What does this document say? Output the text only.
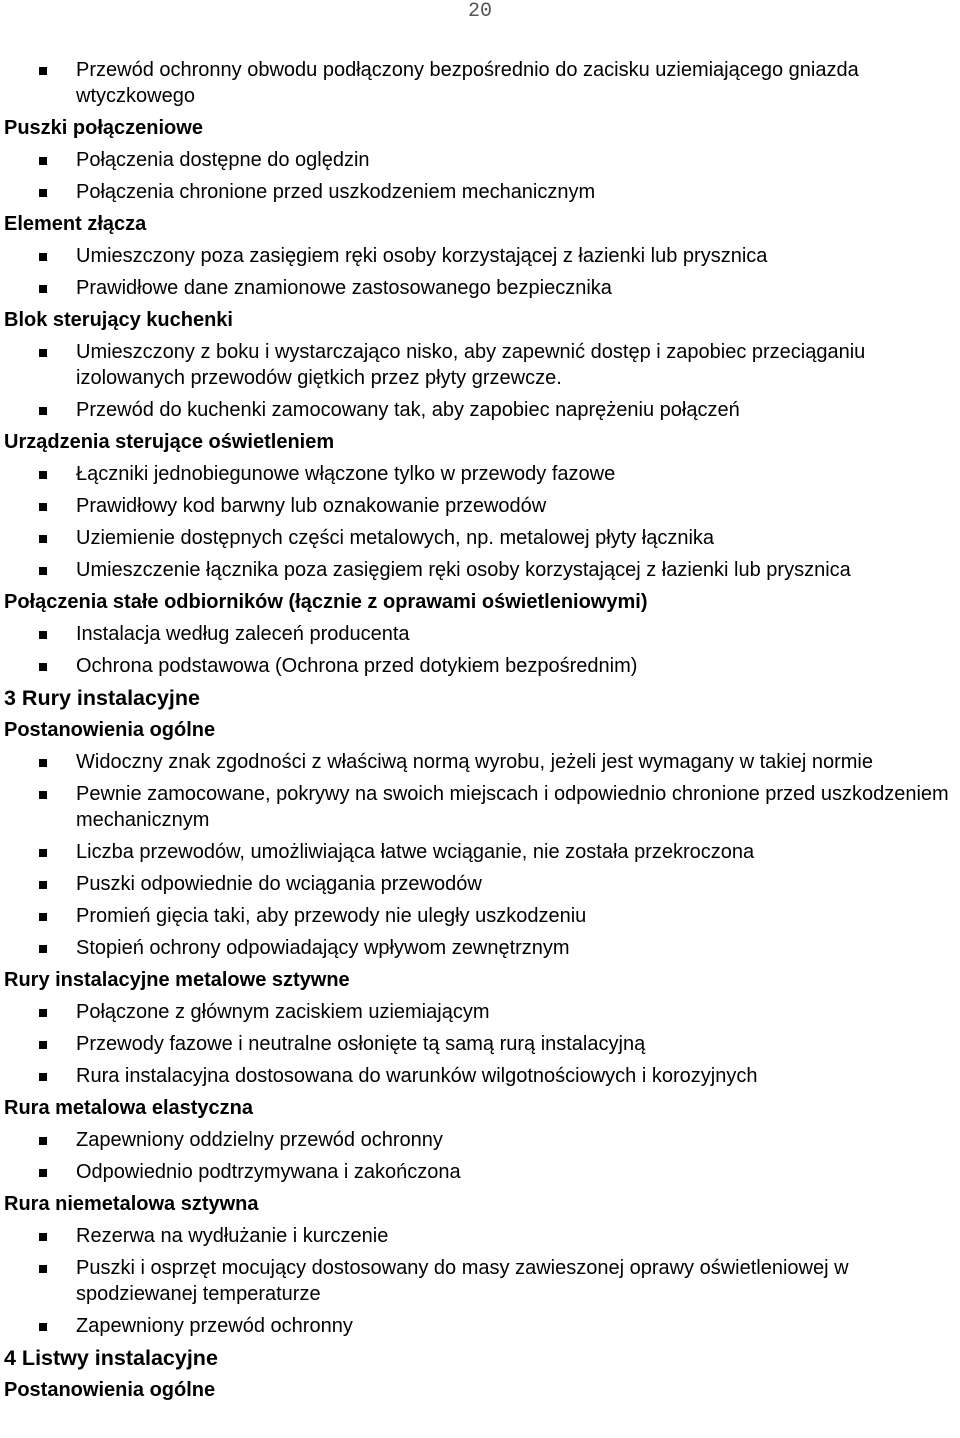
20
Przewód ochronny obwodu podłączony bezpośrednio do zacisku uziemiającego gniazda wtyczkowego
Puszki połączeniowe
Połączenia dostępne do oględzin
Połączenia chronione przed uszkodzeniem mechanicznym
Element złącza
Umieszczony poza zasięgiem ręki osoby korzystającej z łazienki lub prysznica
Prawidłowe dane znamionowe zastosowanego bezpiecznika
Blok sterujący kuchenki
Umieszczony z boku i wystarczająco nisko, aby zapewnić dostęp i zapobiec przeciąganiu izolowanych przewodów giętkich przez płyty grzewcze.
Przewód do kuchenki zamocowany tak, aby zapobiec naprężeniu połączeń
Urządzenia sterujące oświetleniem
Łączniki jednobiegunowe włączone tylko w przewody fazowe
Prawidłowy kod barwny lub oznakowanie przewodów
Uziemienie dostępnych części metalowych, np. metalowej płyty łącznika
Umieszczenie łącznika poza zasięgiem ręki osoby korzystającej z łazienki lub prysznica
Połączenia stałe odbiorników (łącznie z oprawami oświetleniowymi)
Instalacja według zaleceń producenta
Ochrona podstawowa (Ochrona przed dotykiem bezpośrednim)
3 Rury instalacyjne
Postanowienia ogólne
Widoczny znak zgodności z właściwą normą wyrobu, jeżeli jest wymagany w takiej normie
Pewnie zamocowane, pokrywy na swoich miejscach i odpowiednio chronione przed uszkodzeniem mechanicznym
Liczba przewodów, umożliwiająca łatwe wciąganie, nie została przekroczona
Puszki odpowiednie do wciągania przewodów
Promień gięcia taki, aby przewody nie uległy uszkodzeniu
Stopień ochrony odpowiadający wpływom zewnętrznym
Rury instalacyjne metalowe sztywne
Połączone z głównym zaciskiem uziemiającym
Przewody fazowe i neutralne osłonięte tą samą rurą instalacyjną
Rura instalacyjna dostosowana do warunków wilgotnościowych i korozyjnych
Rura metalowa elastyczna
Zapewniony oddzielny przewód ochronny
Odpowiednio podtrzymywana i zakończona
Rura niemetalowa sztywna
Rezerwa na wydłużanie i kurczenie
Puszki i osprzęt mocujący dostosowany do masy zawieszonej oprawy oświetleniowej w spodziewanej temperaturze
Zapewniony przewód ochronny
4 Listwy instalacyjne
Postanowienia ogólne
